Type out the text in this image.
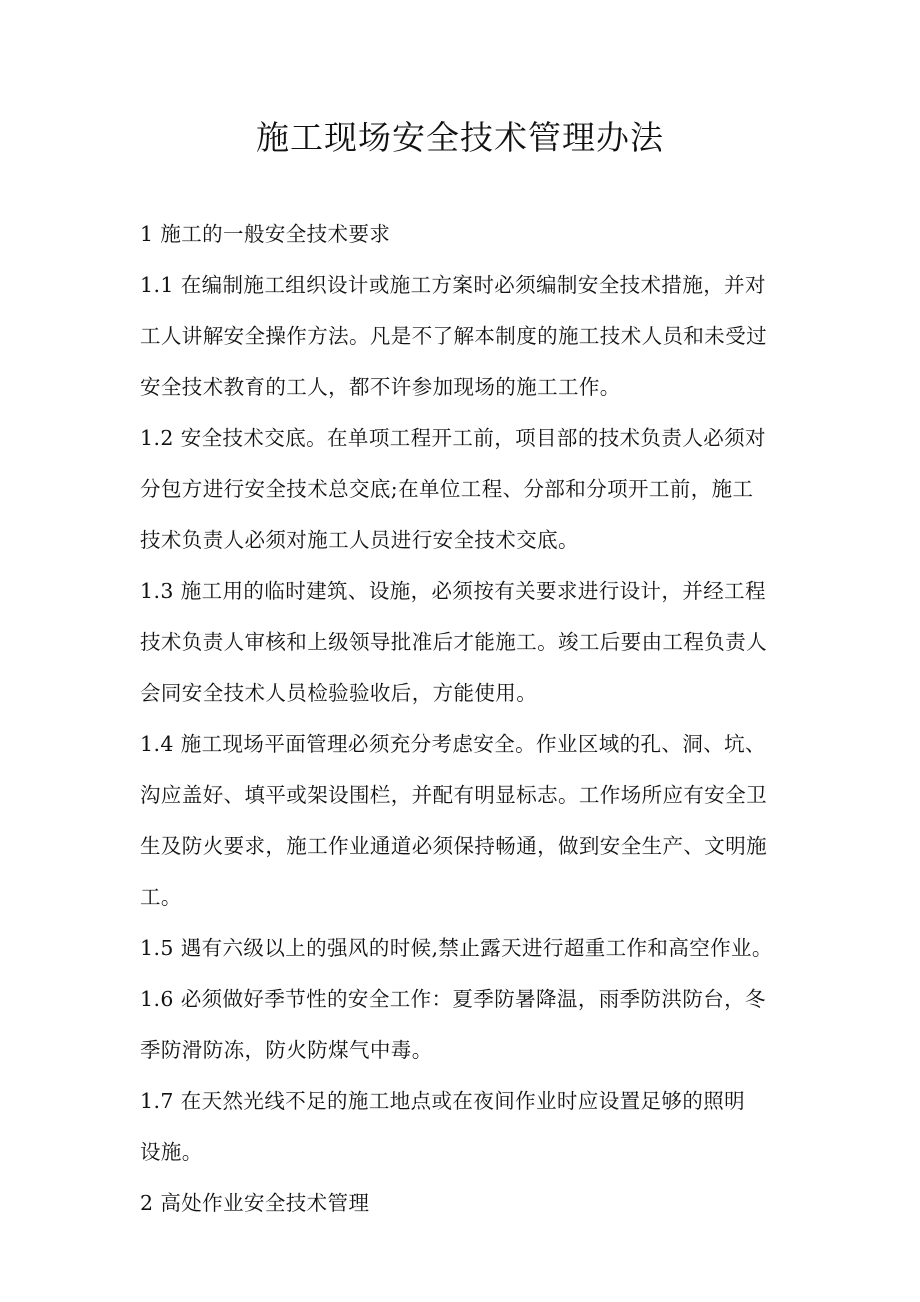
施工现场安全技术管理办法
1 施工的一般安全技术要求
1.1 在编制施工组织设计或施工方案时必须编制安全技术措施，并对
工人讲解安全操作方法。凡是不了解本制度的施工技术人员和未受过
安全技术教育的工人，都不许参加现场的施工工作。
1.2 安全技术交底。在单项工程开工前，项目部的技术负责人必须对
分包方进行安全技术总交底;在单位工程、分部和分项开工前，施工
技术负责人必须对施工人员进行安全技术交底。
1.3 施工用的临时建筑、设施，必须按有关要求进行设计，并经工程
技术负责人审核和上级领导批准后才能施工。竣工后要由工程负责人
会同安全技术人员检验验收后，方能使用。
1.4 施工现场平面管理必须充分考虑安全。作业区域的孔、洞、坑、
沟应盖好、填平或架设围栏，并配有明显标志。工作场所应有安全卫
生及防火要求，施工作业通道必须保持畅通，做到安全生产、文明施
工。
1.5 遇有六级以上的强风的时候,禁止露天进行超重工作和高空作业。
1.6 必须做好季节性的安全工作：夏季防暑降温，雨季防洪防台，冬
季防滑防冻，防火防煤气中毒。
1.7 在天然光线不足的施工地点或在夜间作业时应设置足够的照明
设施。
2 高处作业安全技术管理
